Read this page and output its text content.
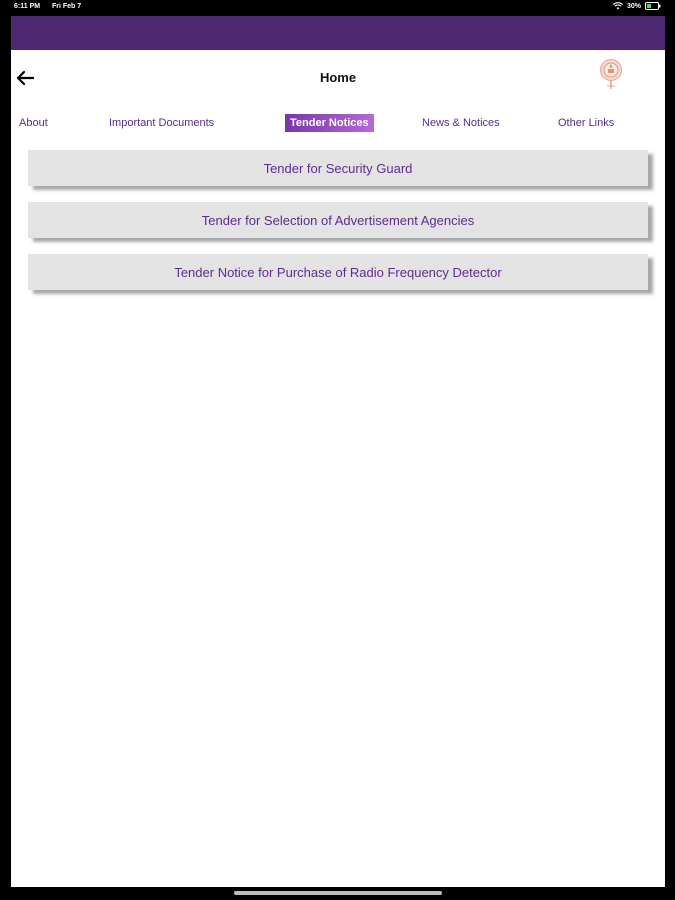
6:11 PM Fri Feb 7	30%
Home
About	Important Documents	Tender Notices	News & Notices	Other Links
Tender for Security Guard
Tender for Selection of Advertisement Agencies
Tender Notice for Purchase of Radio Frequency Detector
